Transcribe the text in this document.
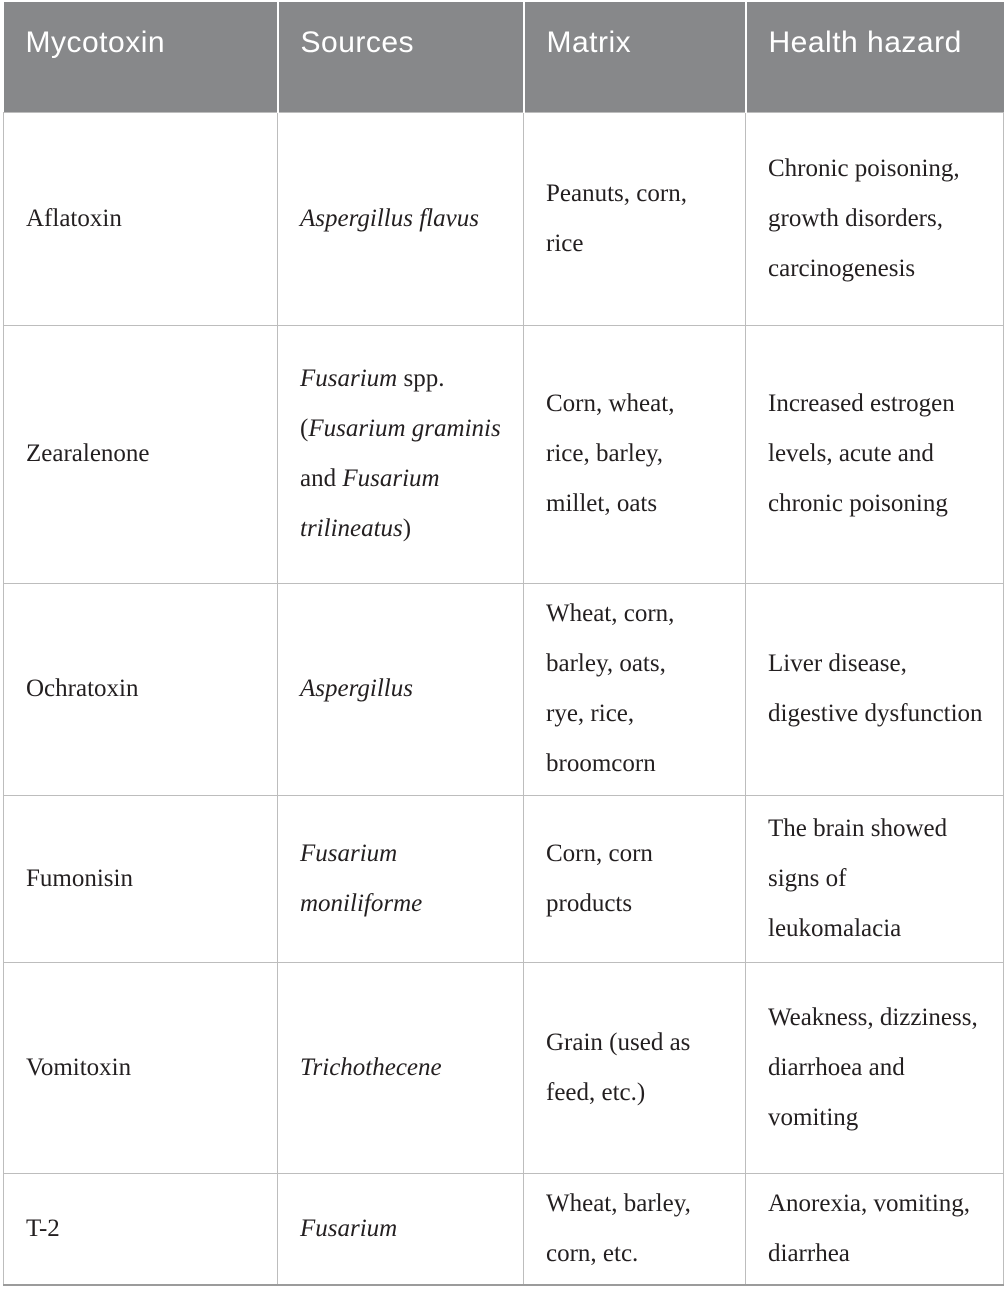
Mycotoxin	Sources	Matrix	Health hazard
Aflatoxin	Aspergillus flavus	Peanuts, corn, rice	Chronic poisoning, growth disorders, carcinogenesis
Zearalenone	Fusarium spp. (Fusarium graminis and Fusarium trilineatus)	Corn, wheat, rice, barley, millet, oats	Increased estrogen levels, acute and chronic poisoning
Ochratoxin	Aspergillus	Wheat, corn, barley, oats, rye, rice, broomcorn	Liver disease, digestive dysfunction
Fumonisin	Fusarium moniliforme	Corn, corn products	The brain showed signs of leukomalacia
Vomitoxin	Trichothecene	Grain (used as feed, etc.)	Weakness, dizziness, diarrhoea and vomiting
T-2	Fusarium	Wheat, barley, corn, etc.	Anorexia, vomiting, diarrhea
